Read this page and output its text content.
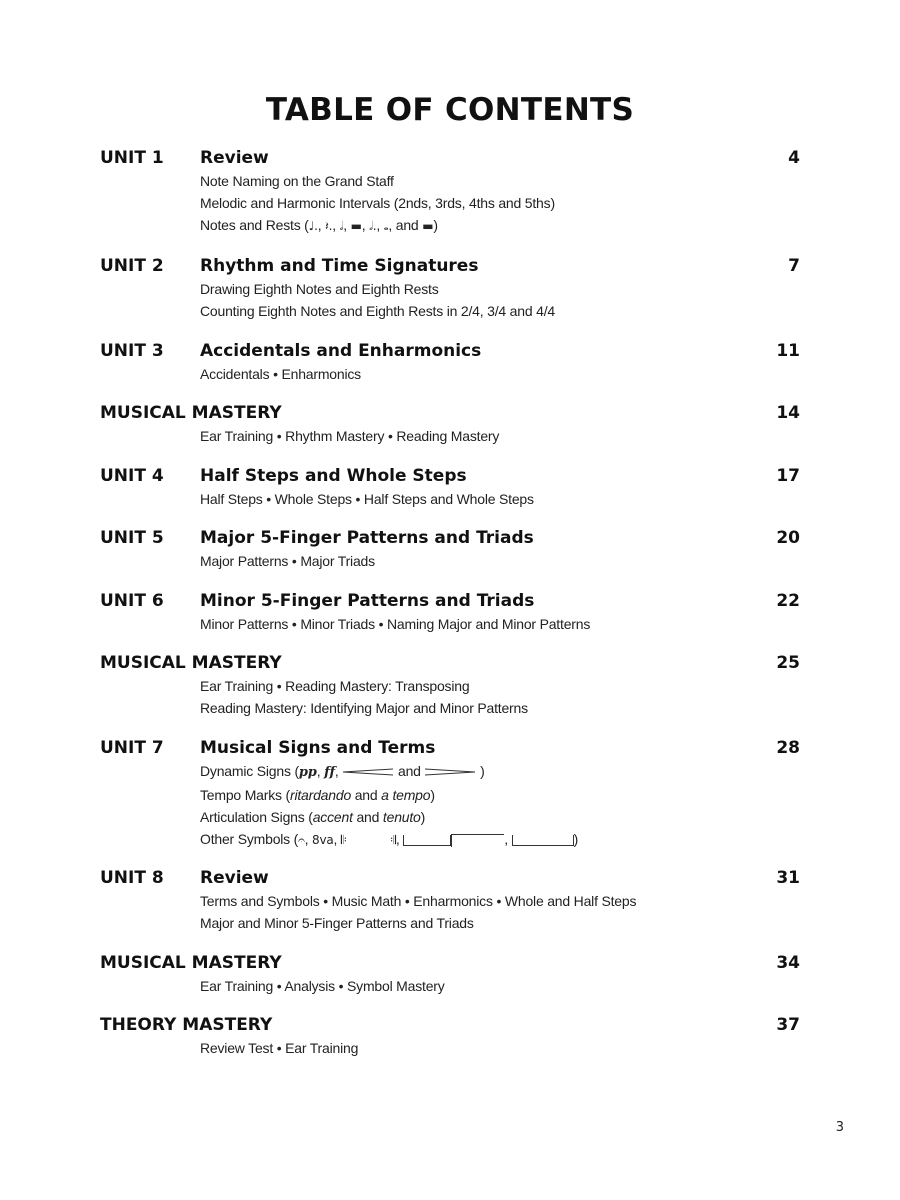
TABLE OF CONTENTS
UNIT 1 Review	4
Note Naming on the Grand Staff
Melodic and Harmonic Intervals (2nds, 3rds, 4ths and 5ths)
Notes and Rests (♩., 𝄽., 𝅗𝅥, ▬, 𝅗𝅥., 𝅝, and ▬)
UNIT 2 Rhythm and Time Signatures	7
Drawing Eighth Notes and Eighth Rests
Counting Eighth Notes and Eighth Rests in 2/4, 3/4 and 4/4
UNIT 3 Accidentals and Enharmonics	11
Accidentals • Enharmonics
MUSICAL MASTERY	14
Ear Training • Rhythm Mastery • Reading Mastery
UNIT 4 Half Steps and Whole Steps	17
Half Steps • Whole Steps • Half Steps and Whole Steps
UNIT 5 Major 5-Finger Patterns and Triads	20
Major Patterns • Major Triads
UNIT 6 Minor 5-Finger Patterns and Triads	22
Minor Patterns • Minor Triads • Naming Major and Minor Patterns
MUSICAL MASTERY	25
Ear Training • Reading Mastery: Transposing
Reading Mastery: Identifying Major and Minor Patterns
UNIT 7 Musical Signs and Terms	28
Dynamic Signs (pp, ff,	and	)
Tempo Marks (ritardando and a tempo)
Articulation Signs (accent and tenuto)
Other Symbols (𝄐, 8va, 𝄆	𝄇,	,	)
UNIT 8 Review	31
Terms and Symbols • Music Math • Enharmonics • Whole and Half Steps
Major and Minor 5-Finger Patterns and Triads
MUSICAL MASTERY	34
Ear Training • Analysis • Symbol Mastery
THEORY MASTERY	37
Review Test • Ear Training
3
